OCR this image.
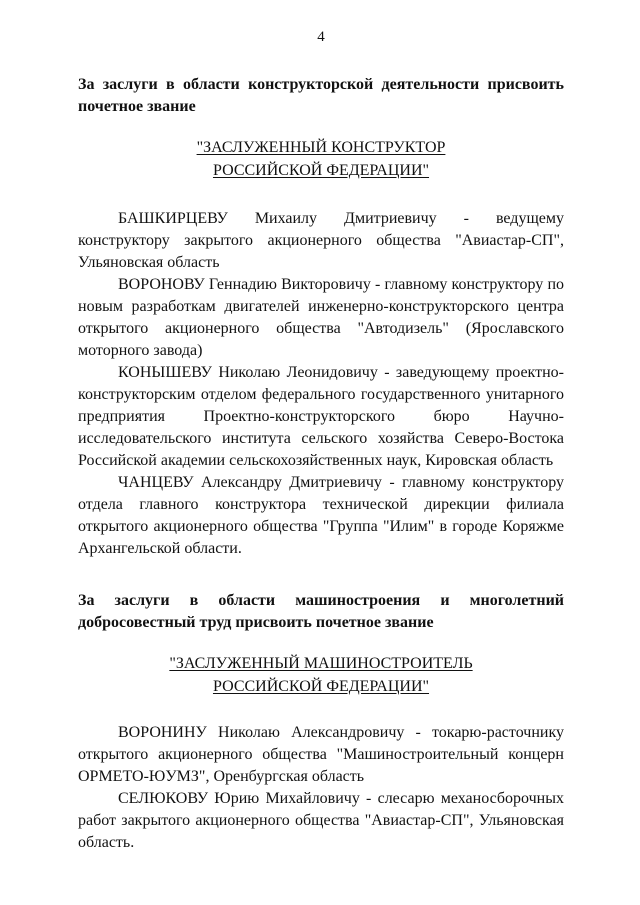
4
За заслуги в области конструкторской деятельности присвоить почетное звание
"ЗАСЛУЖЕННЫЙ КОНСТРУКТОР
РОССИЙСКОЙ ФЕДЕРАЦИИ"
БАШКИРЦЕВУ Михаилу Дмитриевичу - ведущему конструктору закрытого акционерного общества "Авиастар-СП", Ульяновская область
ВОРОНОВУ Геннадию Викторовичу - главному конструктору по новым разработкам двигателей инженерно-конструкторского центра открытого акционерного общества "Автодизель" (Ярославского моторного завода)
КОНЫШЕВУ Николаю Леонидовичу - заведующему проектно-конструкторским отделом федерального государственного унитарного предприятия Проектно-конструкторского бюро Научно-исследовательского института сельского хозяйства Северо-Востока Российской академии сельскохозяйственных наук, Кировская область
ЧАНЦЕВУ Александру Дмитриевичу - главному конструктору отдела главного конструктора технической дирекции филиала открытого акционерного общества "Группа "Илим" в городе Коряжме Архангельской области.
За заслуги в области машиностроения и многолетний добросовестный труд присвоить почетное звание
"ЗАСЛУЖЕННЫЙ МАШИНОСТРОИТЕЛЬ
РОССИЙСКОЙ ФЕДЕРАЦИИ"
ВОРОНИНУ Николаю Александровичу - токарю-расточнику открытого акционерного общества "Машиностроительный концерн ОРМЕТО-ЮУМЗ", Оренбургская область
СЕЛЮКОВУ Юрию Михайловичу - слесарю механосборочных работ закрытого акционерного общества "Авиастар-СП", Ульяновская область.
